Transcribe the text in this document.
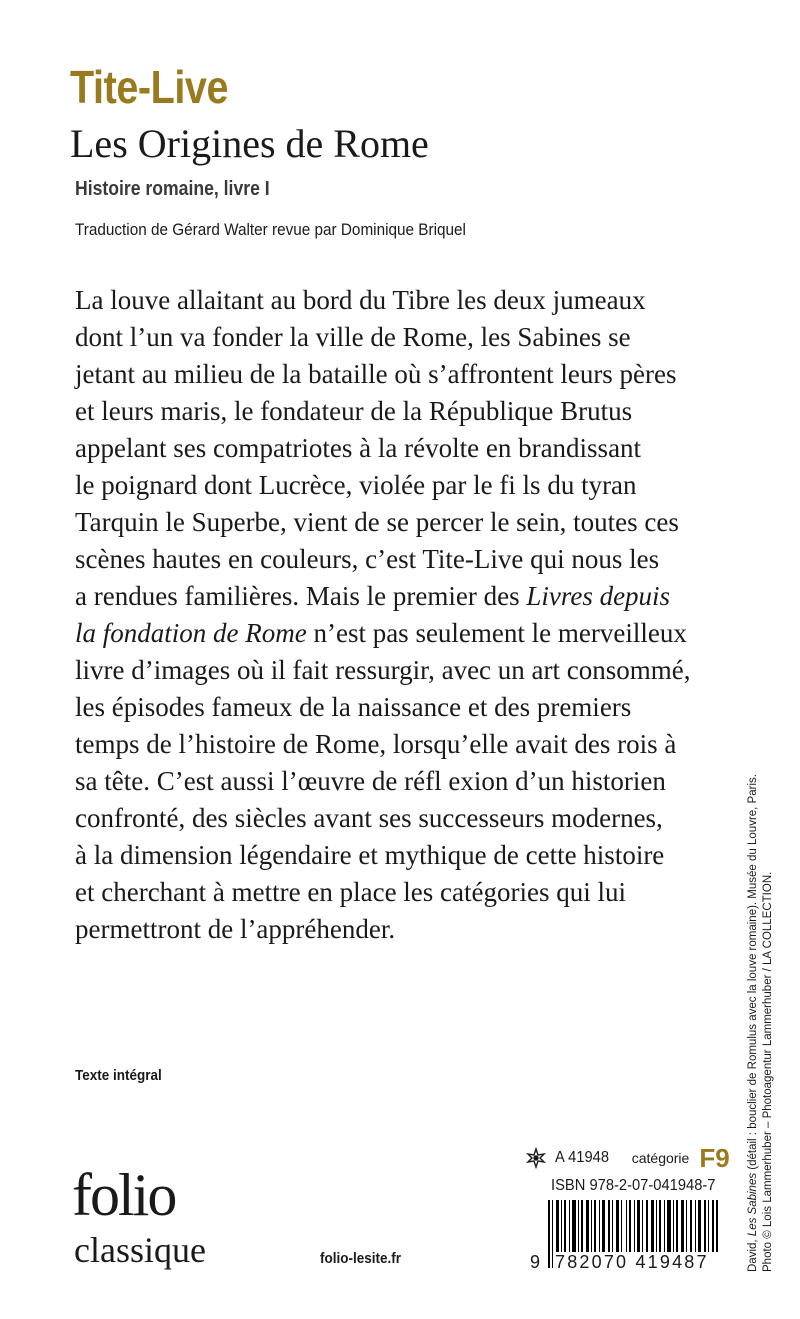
Tite-Live
Les Origines de Rome
Histoire romaine, livre I
Traduction de Gérard Walter revue par Dominique Briquel
La louve allaitant au bord du Tibre les deux jumeaux
dont l’un va fonder la ville de Rome, les Sabines se
jetant au milieu de la bataille où s’affrontent leurs pères
et leurs maris, le fondateur de la République Brutus
appelant ses compatriotes à la révolte en brandissant
le poignard dont Lucrèce, violée par le fi ls du tyran
Tarquin le Superbe, vient de se percer le sein, toutes ces
scènes hautes en couleurs, c’est Tite-Live qui nous les
a rendues familières. Mais le premier des Livres depuis
la fondation de Rome n’est pas seulement le merveilleux
livre d’images où il fait ressurgir, avec un art consommé,
les épisodes fameux de la naissance et des premiers
temps de l’histoire de Rome, lorsqu’elle avait des rois à
sa tête. C’est aussi l’œuvre de réfl exion d’un historien
confronté, des siècles avant ses successeurs modernes,
à la dimension légendaire et mythique de cette histoire
et cherchant à mettre en place les catégories qui lui
permettront de l’appréhender.
Texte intégral
folio
classique	folio-lesite.fr
A 41948 catégorie F9
ISBN 978-2-07-041948-7
9 782070 419487	David, Les Sabines (détail : bouclier de Romulus avec la louve romaine). Musée du Louvre, Paris. Photo © Lois Lammerhuber – Photoagentur Lammerhuber / LA COLLECTION.
